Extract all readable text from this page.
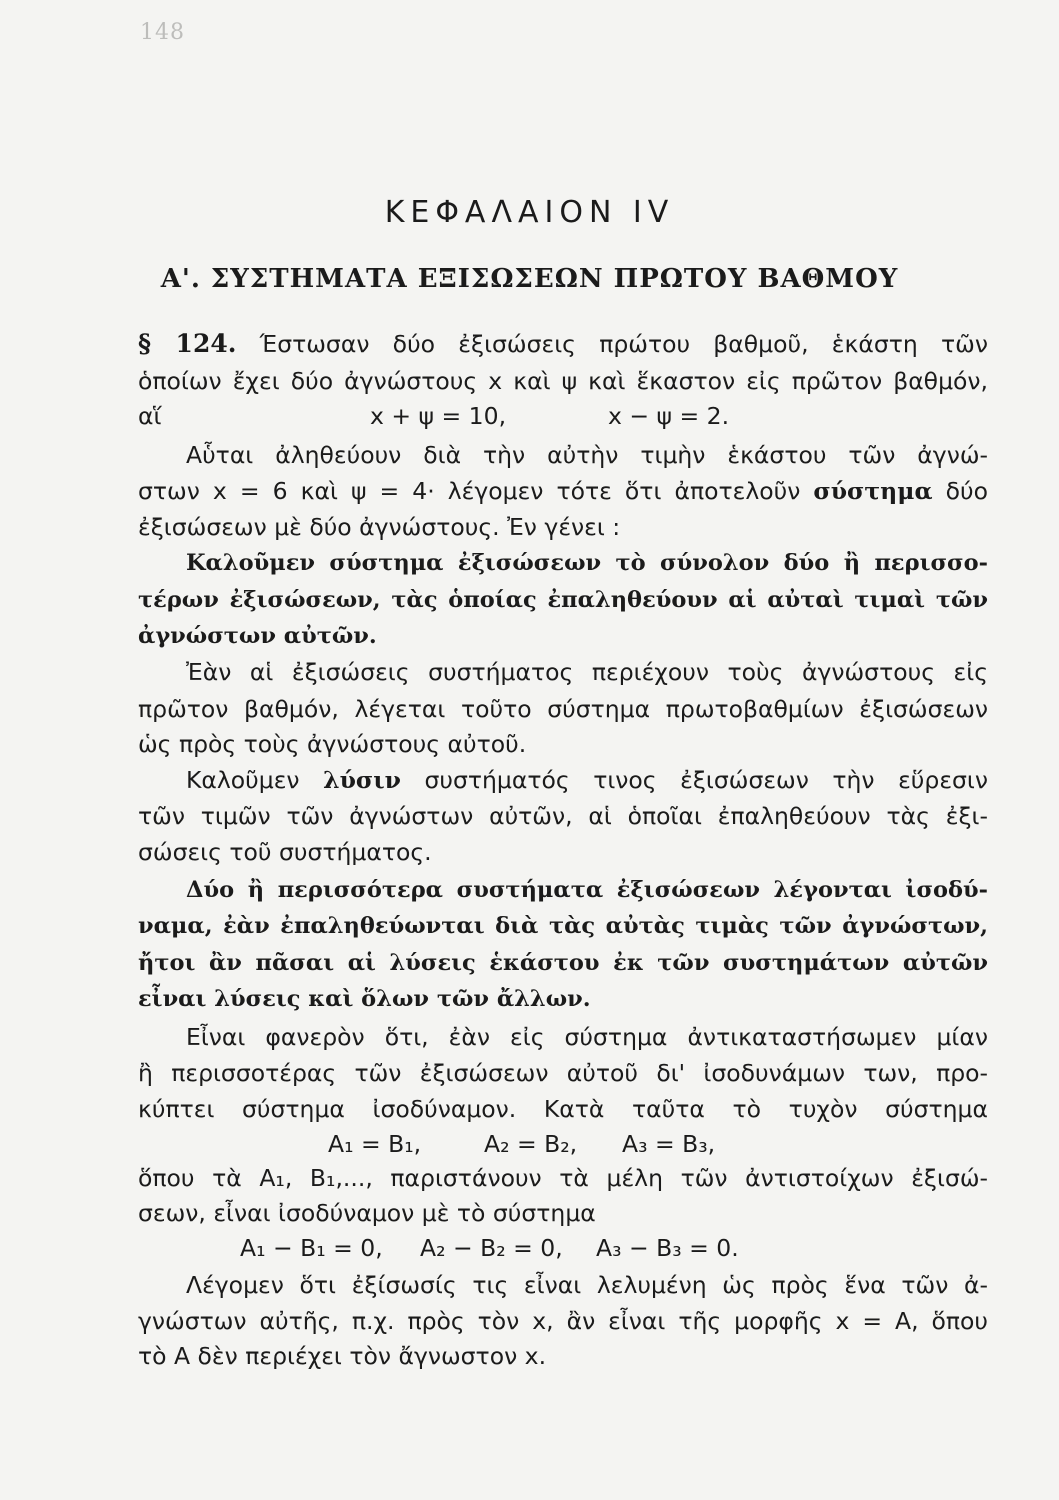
148
ΚΕΦΑΛΑΙΟΝ IV
Α'. ΣΥΣΤΗΜΑΤΑ ΕΞΙΣΩΣΕΩΝ ΠΡΩΤΟΥ ΒΑΘΜΟΥ
§ 124. Έστωσαν δύο ἐξισώσεις πρώτου βαθμοῦ, ἑκάστη τῶν
ὁποίων ἔχει δύο ἀγνώστους x καὶ ψ καὶ ἕκαστον εἰς πρῶτον βαθμόν,
αἵ	x + ψ = 10,	x − ψ = 2.
Αὗται ἀληθεύουν διὰ τὴν αὐτὴν τιμὴν ἑκάστου τῶν ἀγνώ-
στων x = 6 καὶ ψ = 4· λέγομεν τότε ὅτι ἀποτελοῦν σύστημα δύο
ἐξισώσεων μὲ δύο ἀγνώστους. Ἐν γένει :
Καλοῦμεν σύστημα ἐξισώσεων τὸ σύνολον δύο ἢ περισσο-
τέρων ἐξισώσεων, τὰς ὁποίας ἐπαληθεύουν αἱ αὐταὶ τιμαὶ τῶν
ἀγνώστων αὐτῶν.
Ἐὰν αἱ ἐξισώσεις συστήματος περιέχουν τοὺς ἀγνώστους εἰς
πρῶτον βαθμόν, λέγεται τοῦτο σύστημα πρωτοβαθμίων ἐξισώσεων
ὡς πρὸς τοὺς ἀγνώστους αὐτοῦ.
Καλοῦμεν λύσιν συστήματός τινος ἐξισώσεων τὴν εὕρεσιν
τῶν τιμῶν τῶν ἀγνώστων αὐτῶν, αἱ ὁποῖαι ἐπαληθεύουν τὰς ἐξι-
σώσεις τοῦ συστήματος.
Δύο ἢ περισσότερα συστήματα ἐξισώσεων λέγονται ἰσοδύ-
ναμα, ἐὰν ἐπαληθεύωνται διὰ τὰς αὐτὰς τιμὰς τῶν ἀγνώστων,
ἤτοι ἂν πᾶσαι αἱ λύσεις ἑκάστου ἐκ τῶν συστημάτων αὐτῶν
εἶναι λύσεις καὶ ὅλων τῶν ἄλλων.
Εἶναι φανερὸν ὅτι, ἐὰν εἰς σύστημα ἀντικαταστήσωμεν μίαν
ἢ περισσοτέρας τῶν ἐξισώσεων αὐτοῦ δι' ἰσοδυνάμων των, προ-
κύπτει σύστημα ἰσοδύναμον. Κατὰ ταῦτα τὸ τυχὸν σύστημα
A₁ = B₁,	A₂ = B₂, A₃ = B₃,
ὅπου τὰ A₁, B₁,..., παριστάνουν τὰ μέλη τῶν ἀντιστοίχων ἐξισώ-
σεων, εἶναι ἰσοδύναμον μὲ τὸ σύστημα
A₁ − B₁ = 0, A₂ − B₂ = 0, A₃ − B₃ = 0.
Λέγομεν ὅτι ἐξίσωσίς τις εἶναι λελυμένη ὡς πρὸς ἕνα τῶν ἀ-
γνώστων αὐτῆς, π.χ. πρὸς τὸν x, ἂν εἶναι τῆς μορφῆς x = A, ὅπου
τὸ A δὲν περιέχει τὸν ἄγνωστον x.
